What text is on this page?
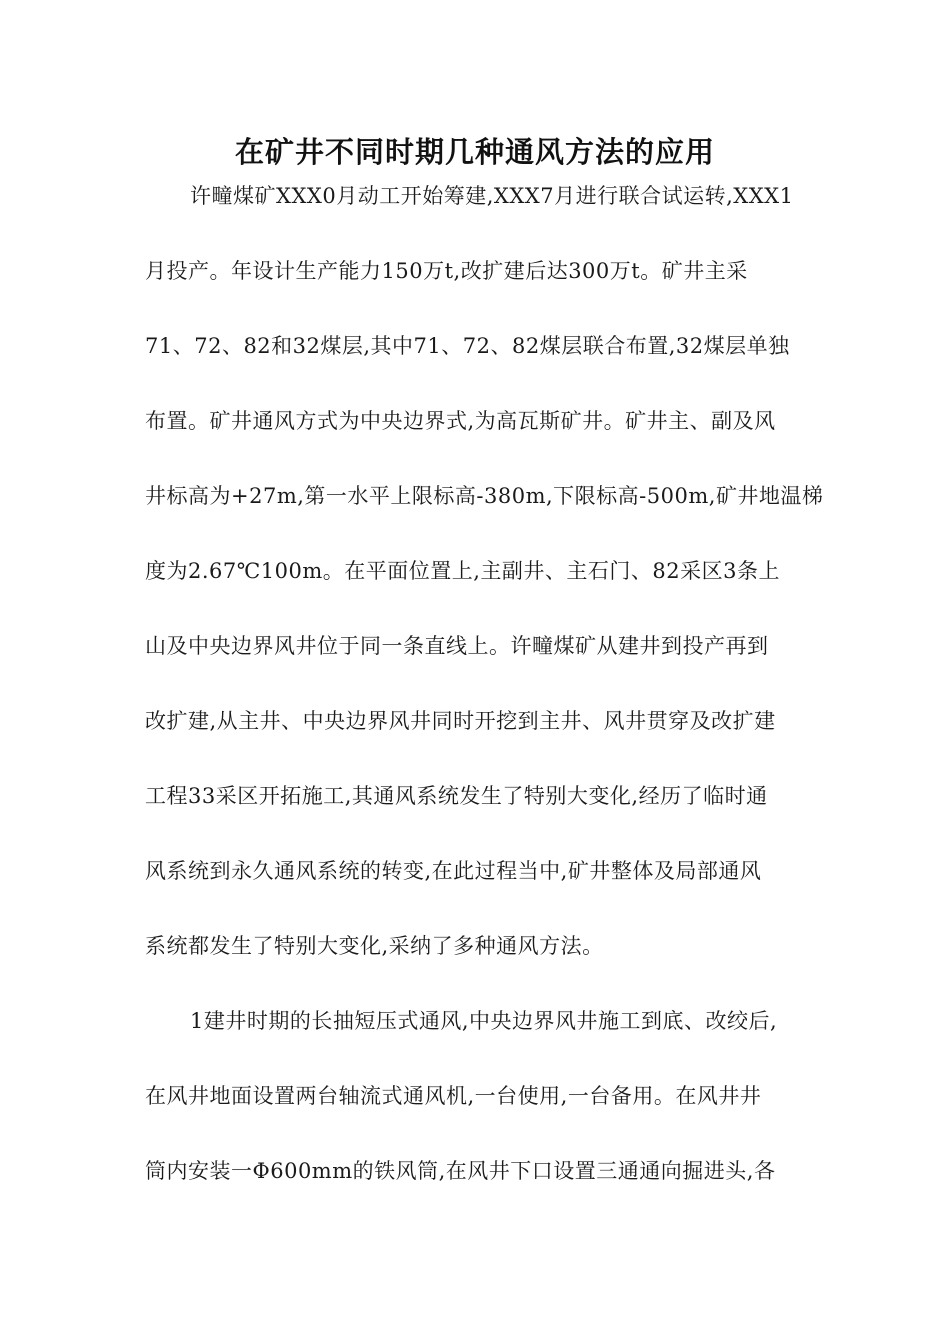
在矿井不同时期几种通风方法的应用
许疃煤矿XXX0月动工开始筹建,XXX7月进行联合试运转,XXX1
月投产。年设计生产能力150万t,改扩建后达300万t。矿井主采
71、72、82和32煤层,其中71、72、82煤层联合布置,32煤层单独
布置。矿井通风方式为中央边界式,为高瓦斯矿井。矿井主、副及风
井标高为+27m,第一水平上限标高-380m,下限标高-500m,矿井地温梯
度为2.67℃100m。在平面位置上,主副井、主石门、82采区3条上
山及中央边界风井位于同一条直线上。许疃煤矿从建井到投产再到
改扩建,从主井、中央边界风井同时开挖到主井、风井贯穿及改扩建
工程33采区开拓施工,其通风系统发生了特别大变化,经历了临时通
风系统到永久通风系统的转变,在此过程当中,矿井整体及局部通风
系统都发生了特别大变化,采纳了多种通风方法。
1建井时期的长抽短压式通风,中央边界风井施工到底、改绞后,
在风井地面设置两台轴流式通风机,一台使用,一台备用。在风井井
筒内安装一Φ600mm的铁风筒,在风井下口设置三通通向掘进头,各
